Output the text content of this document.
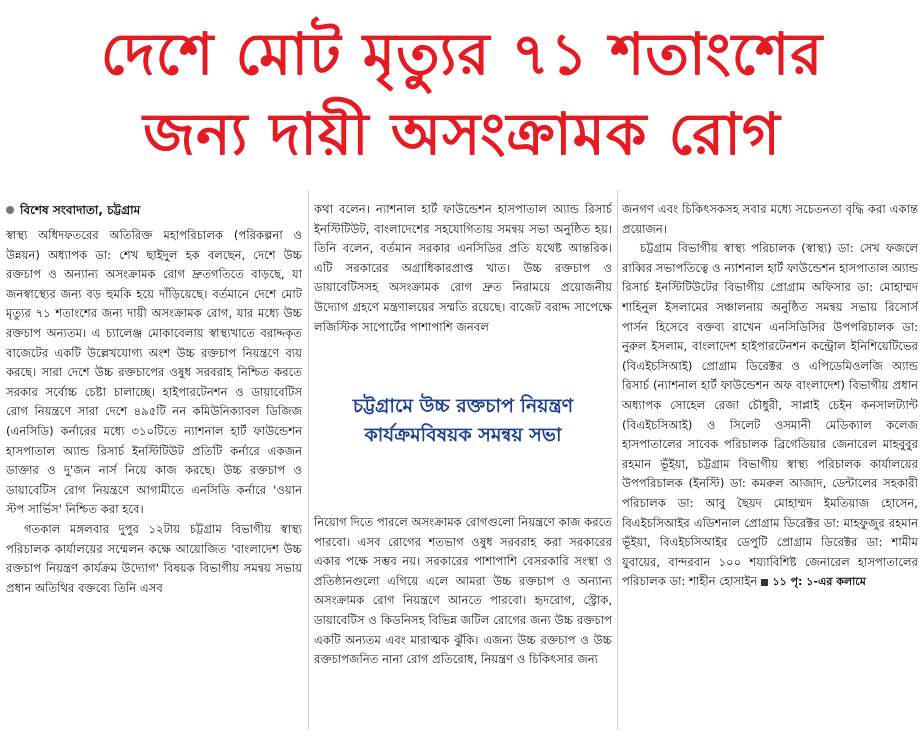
দেশে মোট মৃত্যুর ৭১ শতাংশের
জন্য দায়ী অসংক্রামক রোগ
বিশেষ সংবাদাতা, চট্টগ্রাম

স্বাস্থ্য অধিদফতরের অতিরিক্ত মহাপরিচালক (পরিকল্পনা ও উন্নয়ন) অধ্যাপক ডা: শেখ ছাইদুল হক বলছেন, দেশে উচ্চ রক্তচাপ ও অন্যান্য অসংক্রামক রোগ দ্রুতগতিতে বাড়ছে, যা জনস্বাস্থ্যের জন্য বড় হুমকি হয়ে দাঁড়িয়েছে। বর্তমানে দেশে মোট মৃত্যুর ৭১ শতাংশের জন্য দায়ী অসংক্রামক রোগ, যার মধ্যে উচ্চ রক্তচাপ অন্যতম। এ চ্যালেঞ্জ মোকাবেলায় স্বাস্থ্যখাতে বরাদ্দকৃত বাজেটের একটি উল্লেখযোগ্য অংশ উচ্চ রক্তচাপ নিয়ন্ত্রণে ব্যয় করছে। সারা দেশে উচ্চ রক্তচাপের ওষুধ সরবরাহ নিশ্চিত করতে সরকার সর্বোচ্চ চেষ্টা চালাচ্ছে। হাইপারটেনশন ও ডায়াবেটিস রোগ নিয়ন্ত্রণে সারা দেশে ৪৯৫টি নন কমিউনিক্যাবল ডিজিজ (এনসিডি) কর্নারের মধ্যে ৩১০টিতে ন্যাশনাল হার্ট ফাউন্ডেশন হাসপাতাল অ্যান্ড রিসার্চ ইনস্টিটিউট প্রতিটি কর্নারে একজন ডাক্তার ও দু'জন নার্স নিয়ে কাজ করছে। উচ্চ রক্তচাপ ও ডায়াবেটিস রোগ নিয়ন্ত্রণে আগামীতে এনসিডি কর্নারে 'ওয়ান স্টপ সার্ভিস' নিশ্চিত করা হবে।

গতকাল মঙ্গলবার দুপুর ১২টায় চট্টগ্রাম বিভাগীয় স্বাস্থ্য পরিচালক কার্যালয়ের সম্মেলন কক্ষে আয়োজিত 'বাংলাদেশ উচ্চ রক্তচাপ নিয়ন্ত্রণ কার্যক্রম উদ্যোগ' বিষয়ক বিভাগীয় সমন্বয় সভায় প্রধান অতিথির বক্তব্যে তিনি এসব

কথা বলেন। ন্যাশনাল হার্ট ফাউন্ডেশন হাসপাতাল অ্যান্ড রিসার্চ ইনস্টিটিউট, বাংলাদেশের সহযোগিতায় সমন্বয় সভা অনুষ্ঠিত হয়। তিনি বলেন, বর্তমান সরকার এনসিডির প্রতি যথেষ্ট আন্তরিক। এটি সরকারের অগ্রাধিকারপ্রাপ্ত খাত। উচ্চ রক্তচাপ ও ডায়াবেটিসসহ অসংক্রামক রোগ দ্রুত নিরাময়ে প্রয়োজনীয় উদ্যোগ গ্রহণে মন্ত্রণালয়ের সম্মতি রয়েছে। বাজেট বরাদ্দ সাপেক্ষে লজিস্টিক সাপোর্টের পাশাপাশি জনবল

নিয়োগ দিতে পারলে অসংক্রামক রোগগুলো নিয়ন্ত্রণে কাজ করতে পারবো। এসব রোগের শতভাগ ওষুধ সরবরাহ করা সরকারের একার পক্ষে সম্ভব নয়। সরকারের পাশাপাশি বেসরকারি সংস্থা ও প্রতিষ্ঠানগুলো এগিয়ে এলে আমরা উচ্চ রক্তচাপ ও অন্যান্য অসংক্রামক রোগ নিয়ন্ত্রণে আনতে পারবো। হৃদরোগ, স্ট্রোক, ডায়াবেটিস ও কিডনিসহ বিভিন্ন জটিল রোগের জন্য উচ্চ রক্তচাপ একটি অন্যতম এবং মারাত্মক ঝুঁকি। এজন্য উচ্চ রক্তচাপ ও উচ্চ রক্তচাপজনিত নানা রোগ প্রতিরোধ, নিয়ন্ত্রণ ও চিকিৎসার জন্য

চট্টগ্রামে উচ্চ রক্তচাপ নিয়ন্ত্রণ কার্যক্রমবিষয়ক সমন্বয় সভা

জনগণ এবং চিকিৎসকসহ সবার মধ্যে সচেতনতা বৃদ্ধি করা একান্ত প্রয়োজন।

চট্টগ্রাম বিভাগীয় স্বাস্থ্য পরিচালক (স্বাস্থ্য) ডা: সেখ ফজলে রাব্বির সভাপতিত্বে ও ন্যাশনাল হার্ট ফাউন্ডেশন হাসপাতাল অ্যান্ড রিসার্চ ইনস্টিটিউটের বিভাগীয় প্রোগ্রাম অফিসার ডা: মোহাম্মদ শাহিনুল ইসলামের সঞ্চালনায় অনুষ্ঠিত সমন্বয় সভায় রিসোর্স পার্সন হিসেবে বক্তব্য রাখেন এনসিডিসির উপপরিচালক ডা: নুরুল ইসলাম, বাংলাদেশ হাইপারটেনশন কন্ট্রোল ইনিশিয়েটিভের (বিএইচসিআই) প্রোগ্রাম ডিরেক্টর ও এপিডেমিওলজি অ্যান্ড রিসার্চ (ন্যাশনাল হার্ট ফাউন্ডেশন অফ বাংলাদেশ) বিভাগীয় প্রধান অধ্যাপক সোহেল রেজা চৌধুরী, সাপ্লাই চেইন কনসালট্যান্ট (বিএইচসিআই) ও সিলেট ওসমানী মেডিক্যাল কলেজ হাসপাতালের সাবেক পরিচালক ব্রিগেডিয়ার জেনারেল মাহবুবুর রহমান ভূঁইয়া, চট্টগ্রাম বিভাগীয় স্বাস্থ্য পরিচালক কার্যালয়ের উপপরিচালক (ইনস্টি) ডা: কমরুল আজাদ, ডেন্টালের সহকারী পরিচালক ডা: আবু ছৈয়দ মোহাম্মদ ইমতিয়াজ হোসেন, বিএইচসিআইর এডিশনাল প্রোগ্রাম ডিরেক্টর ডা: মাহফুজুর রহমান ভূঁইয়া, বিএইচসিআইর ডেপুটি প্রোগ্রাম ডিরেক্টর ডা: শামীম যুবায়ের, বান্দরবান ১০০ শয্যাবিশিষ্ট জেনারেল হাসপাতালের পরিচালক ডা: শাহীন হোসাইন ১১ পৃ: ১-এর কলামে
